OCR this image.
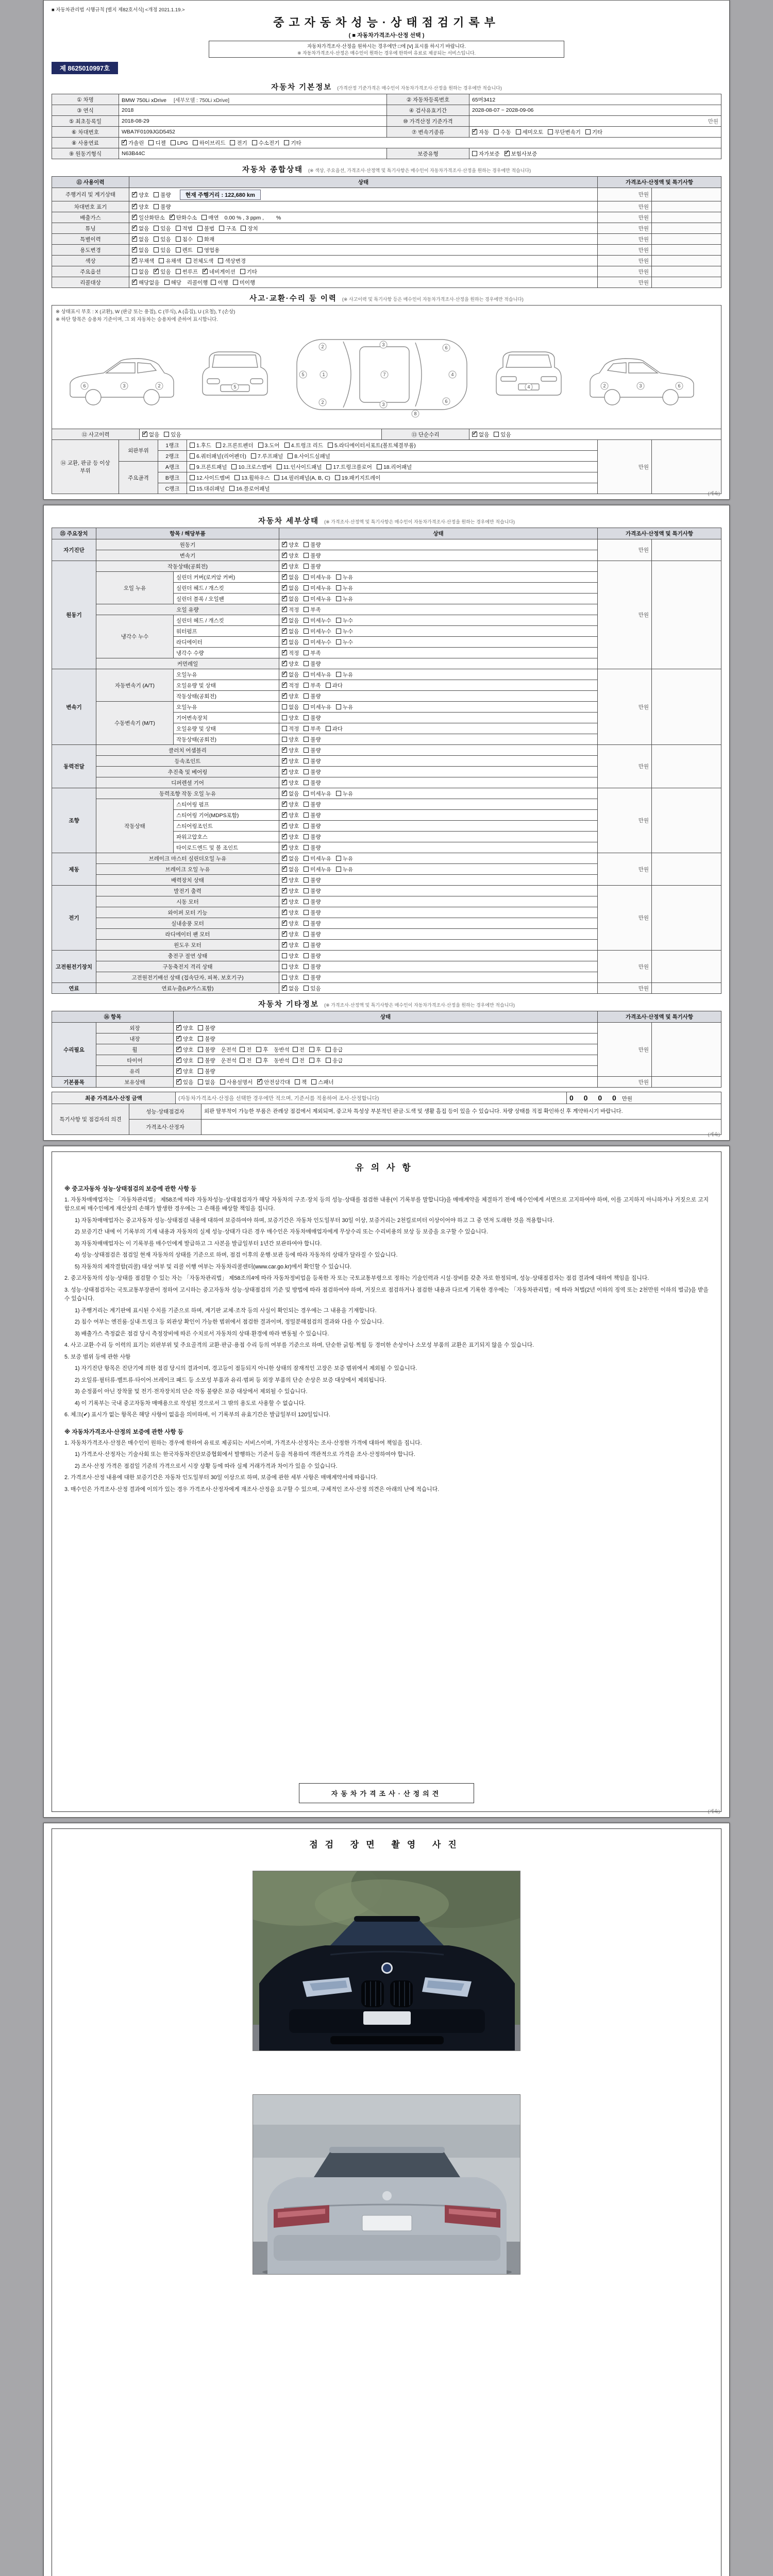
■ 자동차관리법 시행규칙 [별지 제82호서식] <개정 2021.1.19.>
중고자동차성능·상태점검기록부
( ■ 자동차가격조사·산정 선택 )
자동차가격조사·산정을 원하시는 경우에만 □에 [V] 표시를 하시기 바랍니다.
※ 자동차가격조사·산정은 매수인이 원하는 경우에 한하여 유료로 제공되는 서비스입니다.
제 8625010997호
자동차 기본정보 (가격산정 기준가격은 매수인이 자동차가격조사·산정을 원하는 경우에만 적습니다)
① 차명	BMW 750Li xDrive [세부모델 : 750Li xDrive]	② 자동차등록번호	65머3412
③ 연식	2018	④ 검사유효기간	2028-08-07 ~ 2028-09-06
⑤ 최초등록일	2018-08-29	⑩ 가격산정 기준가격	만원
⑥ 차대번호	WBA7F0109JGD5452	⑦ 변속기종류	✓자동 수동 세미오토 무단변속기 기타
⑧ 사용연료	✓가솔린 디젤 LPG 하이브리드 전기 수소전기 기타
⑨ 원동기형식	N63B44C	보증유형	자가보증 ✓ 보험사보증
자동차 종합상태 (※ 색상, 주요옵션, 가격조사·산정액 및 특기사항은 매수인이 자동차가격조사·산정을 원하는 경우에만 적습니다)
⑪ 사용이력	상태	가격조사·산정액 및 특기사항	
주행거리 및 계기상태	✓양호 불량 현재 주행거리 : 122,680 km	만원	
차대번호 표기	✓양호 불량	만원	
배출가스	✓일산화탄소 ✓ 탄화수소 매연 0.00 % , 3 ppm ,　　 %	만원	
튜닝	✓없음 있음 적법 불법 구조 장치	만원	
특별이력	✓없음 있음 침수 화재	만원	
용도변경	✓없음 있음 렌트 영업용	만원	
색상	✓무채색 유채색 전체도색 색상변경	만원	
주요옵션	없음 ✓ 있음 썬루프 ✓ 네비게이션 기타	만원	
리콜대상	✓해당없음 해당 리콜이행 이행 미이행	만원	
사고·교환·수리 등 이력 (※ 사고이력 및 특기사항 등은 매수인이 자동차가격조사·산정을 원하는 경우에만 적습니다)
※ 상태표시 부호 : X (교환), W (판금 또는 용접), C (부식), A (흠집), U (요철), T (손상)
※ 하단 항목은 승용차 기준이며, 그 외 자동차는 승용차에 준하여 표시합니다.
5	1
2
2
3
3
7
6
6
4
8
6	3	2	5	4	2	3	6
⑫ 사고이력	✓없음 있음	⑬ 단순수리	✓없음 있음
⑭ 교환, 판금 등 이상 부위	외판부위	1랭크	1.후드 2.프론트펜더 3.도어 4.트렁크 리드 5.라디에이터서포트(볼트체결부품)	만원	
		2랭크	6.쿼터패널(리어펜더) 7.루프패널 8.사이드실패널		
	주요골격	A랭크	9.프론트패널 10.크로스멤버 11.인사이드패널 17.트렁크플로어 18.리어패널		
		B랭크	12.사이드멤버 13.휠하우스 14.필러패널(A, B, C) 19.패키지트레이		
		C랭크	15.대쉬패널 16.플로어패널		
(계속)
자동차 세부상태 (※ 가격조사·산정액 및 특기사항은 매수인이 자동차가격조사·산정을 원하는 경우에만 적습니다)
⑮ 주요장치	항목 / 해당부품		상태	가격조사·산정액 및 특기사항	
자기진단	원동기	✓양호 불량	만원	
	변속기	✓양호 불량
원동기	작동상태(공회전)	✓양호 불량	만원	
	오일 누유	실린더 커버(로커암 커버)	✓없음 미세누유 누유
		실린더 헤드 / 개스킷	✓없음 미세누유 누유
		실린더 블록 / 오일팬	✓없음 미세누유 누유
	오일 유량	✓적정 부족
	냉각수 누수	실린더 헤드 / 개스킷	✓없음 미세누수 누수
		워터펌프	✓없음 미세누수 누수
		라디에이터	✓없음 미세누수 누수
		냉각수 수량	✓적정 부족
	커먼레일	✓양호 불량
변속기	자동변속기 (A/T)	오일누유	✓없음 미세누유 누유	만원	
		오일유량 및 상태	✓적정 부족 과다
		작동상태(공회전)	✓양호 불량
	수동변속기 (M/T)	오일누유	없음 미세누유 누유		
		기어변속장치	양호 불량		
		오일유량 및 상태	적정 부족 과다		
		작동상태(공회전)	양호 불량		
동력전달	클러치 어셈블리	✓양호 불량	만원	
	등속조인트	✓양호 불량
	추진축 및 베어링	✓양호 불량
	디퍼렌셜 기어	✓양호 불량
조향	동력조향 작동 오일 누유	✓없음 미세누유 누유	만원	
	작동상태	스티어링 펌프	✓양호 불량
		스티어링 기어(MDPS포함)	✓양호 불량
		스티어링조인트	✓양호 불량
		파워고압호스	✓양호 불량
		타이로드엔드 및 볼 조인트	✓양호 불량
제동	브레이크 마스터 실린더오일 누유	✓없음 미세누유 누유	만원	
	브레이크 오일 누유	✓없음 미세누유 누유
	배력장치 상태	✓양호 불량
전기	발전기 출력	✓양호 불량	만원	
	시동 모터	✓양호 불량
	와이퍼 모터 기능	✓양호 불량
	실내송풍 모터	✓양호 불량
	라디에이터 팬 모터	✓양호 불량
	윈도우 모터	✓양호 불량
고전원전기장치	충전구 절연 상태		양호 불량	만원	
	구동축전지 격리 상태		양호 불량		
	고전원전기배선 상태 (접속단자, 피복, 보호기구)		양호 불량		
연료	연료누출(LP가스포함)	✓없음 있음	만원	
자동차 기타정보 (※ 가격조사·산정액 및 특기사항은 매수인이 자동차가격조사·산정을 원하는 경우에만 적습니다)
⑯ 항목		상태	가격조사·산정액 및 특기사항	
수리필요	외장	✓양호 불량	만원	
	내장	✓양호 불량
	휠	✓양호 불량 운전석 전 후 동반석 전 후 응급
	타이어	✓양호 불량 운전석 전 후 동반석 전 후 응급
	유리	✓양호 불량
기본품목	보유상태	✓있음 없음 사용설명서 ✓ 안전삼각대 잭 스패너	만원	
최종 가격조사·산정 금액	(자동차가격조사·산정을 선택한 경우에만 적으며, 기준서를 적용하여 조사·산정합니다)	0 0 0 0 만원
특기사항 및 점검자의 의견	성능·상태점검자	외판 탈부착이 가능한 부품은 관례상 점검에서 제외되며, 중고차 특성상 부분적인 판금·도색 및 생활 흠집 등이 있을 수 있습니다. 차량 상태를 직접 확인하신 후 계약하시기 바랍니다.
	가격조사·산정자	
(계속)
유의사항
※ 중고자동차 성능·상태점검의 보증에 관한 사항 등
1. 자동차매매업자는 「자동차관리법」 제58조에 따라 자동차성능·상태점검자가 해당 자동차의 구조·장치 등의 성능·상태를 점검한 내용(이 기록부를 말합니다)을 매매계약을 체결하기 전에 매수인에게 서면으로 고지하여야 하며, 이를 고지하지 아니하거나 거짓으로 고지함으로써 매수인에게 재산상의 손해가 발생한 경우에는 그 손해를 배상할 책임을 집니다.
1) 자동차매매업자는 중고자동차 성능·상태점검 내용에 대하여 보증하여야 하며, 보증기간은 자동차 인도일부터 30일 이상, 보증거리는 2천킬로미터 이상이어야 하고 그 중 먼저 도래한 것을 적용합니다.
2) 보증기간 내에 이 기록부의 기재 내용과 자동차의 실제 성능·상태가 다른 경우 매수인은 자동차매매업자에게 무상수리 또는 수리비용의 보상 등 보증을 요구할 수 있습니다.
3) 자동차매매업자는 이 기록부를 매수인에게 발급하고 그 사본을 발급일부터 1년간 보관하여야 합니다.
4) 성능·상태점검은 점검일 현재 자동차의 상태를 기준으로 하며, 점검 이후의 운행·보관 등에 따라 자동차의 상태가 달라질 수 있습니다.
5) 자동차의 제작결함(리콜) 대상 여부 및 리콜 이행 여부는 자동차리콜센터(www.car.go.kr)에서 확인할 수 있습니다.
2. 중고자동차의 성능·상태를 점검할 수 있는 자는 「자동차관리법」 제58조의4에 따라 자동차정비업을 등록한 자 또는 국토교통부령으로 정하는 기술인력과 시설·장비를 갖춘 자로 한정되며, 성능·상태점검자는 점검 결과에 대하여 책임을 집니다.
3. 성능·상태점검자는 국토교통부장관이 정하여 고시하는 중고자동차 성능·상태점검의 기준 및 방법에 따라 점검하여야 하며, 거짓으로 점검하거나 점검한 내용과 다르게 기록한 경우에는 「자동차관리법」에 따라 처벌(2년 이하의 징역 또는 2천만원 이하의 벌금)을 받을 수 있습니다.
1) 주행거리는 계기판에 표시된 수치를 기준으로 하며, 계기판 교체·조작 등의 사실이 확인되는 경우에는 그 내용을 기재합니다.
2) 침수 여부는 엔진룸·실내·트렁크 등 외관상 확인이 가능한 범위에서 점검한 결과이며, 정밀분해점검의 결과와 다를 수 있습니다.
3) 배출가스 측정값은 점검 당시 측정장비에 따른 수치로서 자동차의 상태·환경에 따라 변동될 수 있습니다.
4. 사고·교환·수리 등 이력의 표기는 외판부위 및 주요골격의 교환·판금·용접 수리 등의 여부를 기준으로 하며, 단순한 긁힘·찍힘 등 경미한 손상이나 소모성 부품의 교환은 표기되지 않을 수 있습니다.
5. 보증 범위 등에 관한 사항
1) 자기진단 항목은 진단기에 의한 점검 당시의 결과이며, 경고등이 점등되지 아니한 상태의 잠재적인 고장은 보증 범위에서 제외될 수 있습니다.
2) 오일류·필터류·벨트류·타이어·브레이크 패드 등 소모성 부품과 유리·범퍼 등 외장 부품의 단순 손상은 보증 대상에서 제외됩니다.
3) 순정품이 아닌 장착물 및 전기·전자장치의 단순 작동 불량은 보증 대상에서 제외될 수 있습니다.
4) 이 기록부는 국내 중고자동차 매매용으로 작성된 것으로서 그 밖의 용도로 사용할 수 없습니다.
6. 체크(✔) 표시가 없는 항목은 해당 사항이 없음을 의미하며, 이 기록부의 유효기간은 발급일부터 120일입니다.
※ 자동차가격조사·산정의 보증에 관한 사항 등
1. 자동차가격조사·산정은 매수인이 원하는 경우에 한하여 유료로 제공되는 서비스이며, 가격조사·산정자는 조사·산정한 가격에 대하여 책임을 집니다.
1) 가격조사·산정자는 기술사회 또는 한국자동차진단보증협회에서 발행하는 기준서 등을 적용하여 객관적으로 가격을 조사·산정하여야 합니다.
2) 조사·산정 가격은 점검일 기준의 가격으로서 시장 상황 등에 따라 실제 거래가격과 차이가 있을 수 있습니다.
2. 가격조사·산정 내용에 대한 보증기간은 자동차 인도일부터 30일 이상으로 하며, 보증에 관한 세부 사항은 매매계약서에 따릅니다.
3. 매수인은 가격조사·산정 결과에 이의가 있는 경우 가격조사·산정자에게 재조사·산정을 요구할 수 있으며, 구체적인 조사·산정 의견은 아래의 난에 적습니다.
자동차가격조사·산정의견
(계속)
점검 장면 촬영 사진
